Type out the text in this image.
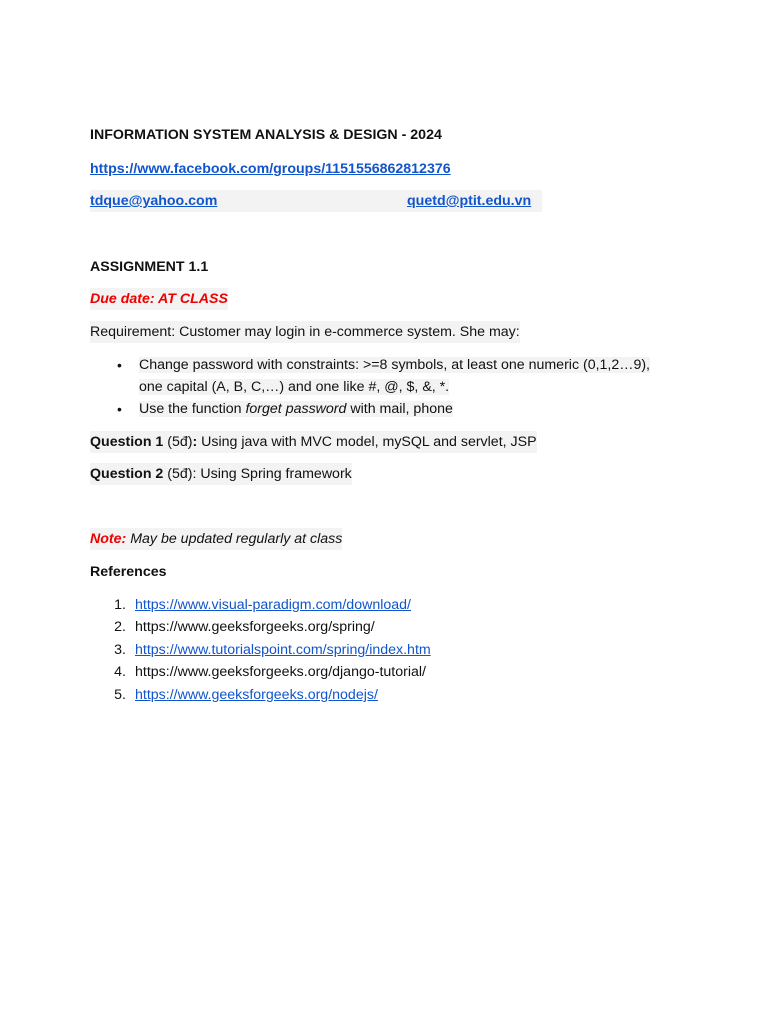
INFORMATION SYSTEM ANALYSIS & DESIGN - 2024
https://www.facebook.com/groups/1151556862812376
tdque@yahoo.com	quetd@ptit.edu.vn
ASSIGNMENT 1.1
Due date: AT CLASS
Requirement: Customer may login in e-commerce system. She may:
• Change password with constraints: >=8 symbols, at least one numeric (0,1,2…9),
one capital (A, B, C,…) and one like #, @, $, &, *.
• Use the function forget password with mail, phone
Question 1 (5đ): Using java with MVC model, mySQL and servlet, JSP
Question 2 (5đ): Using Spring framework
Note: May be updated regularly at class
References
1. https://www.visual-paradigm.com/download/
2. https://www.geeksforgeeks.org/spring/
3. https://www.tutorialspoint.com/spring/index.htm
4. https://www.geeksforgeeks.org/django-tutorial/
5. https://www.geeksforgeeks.org/nodejs/
